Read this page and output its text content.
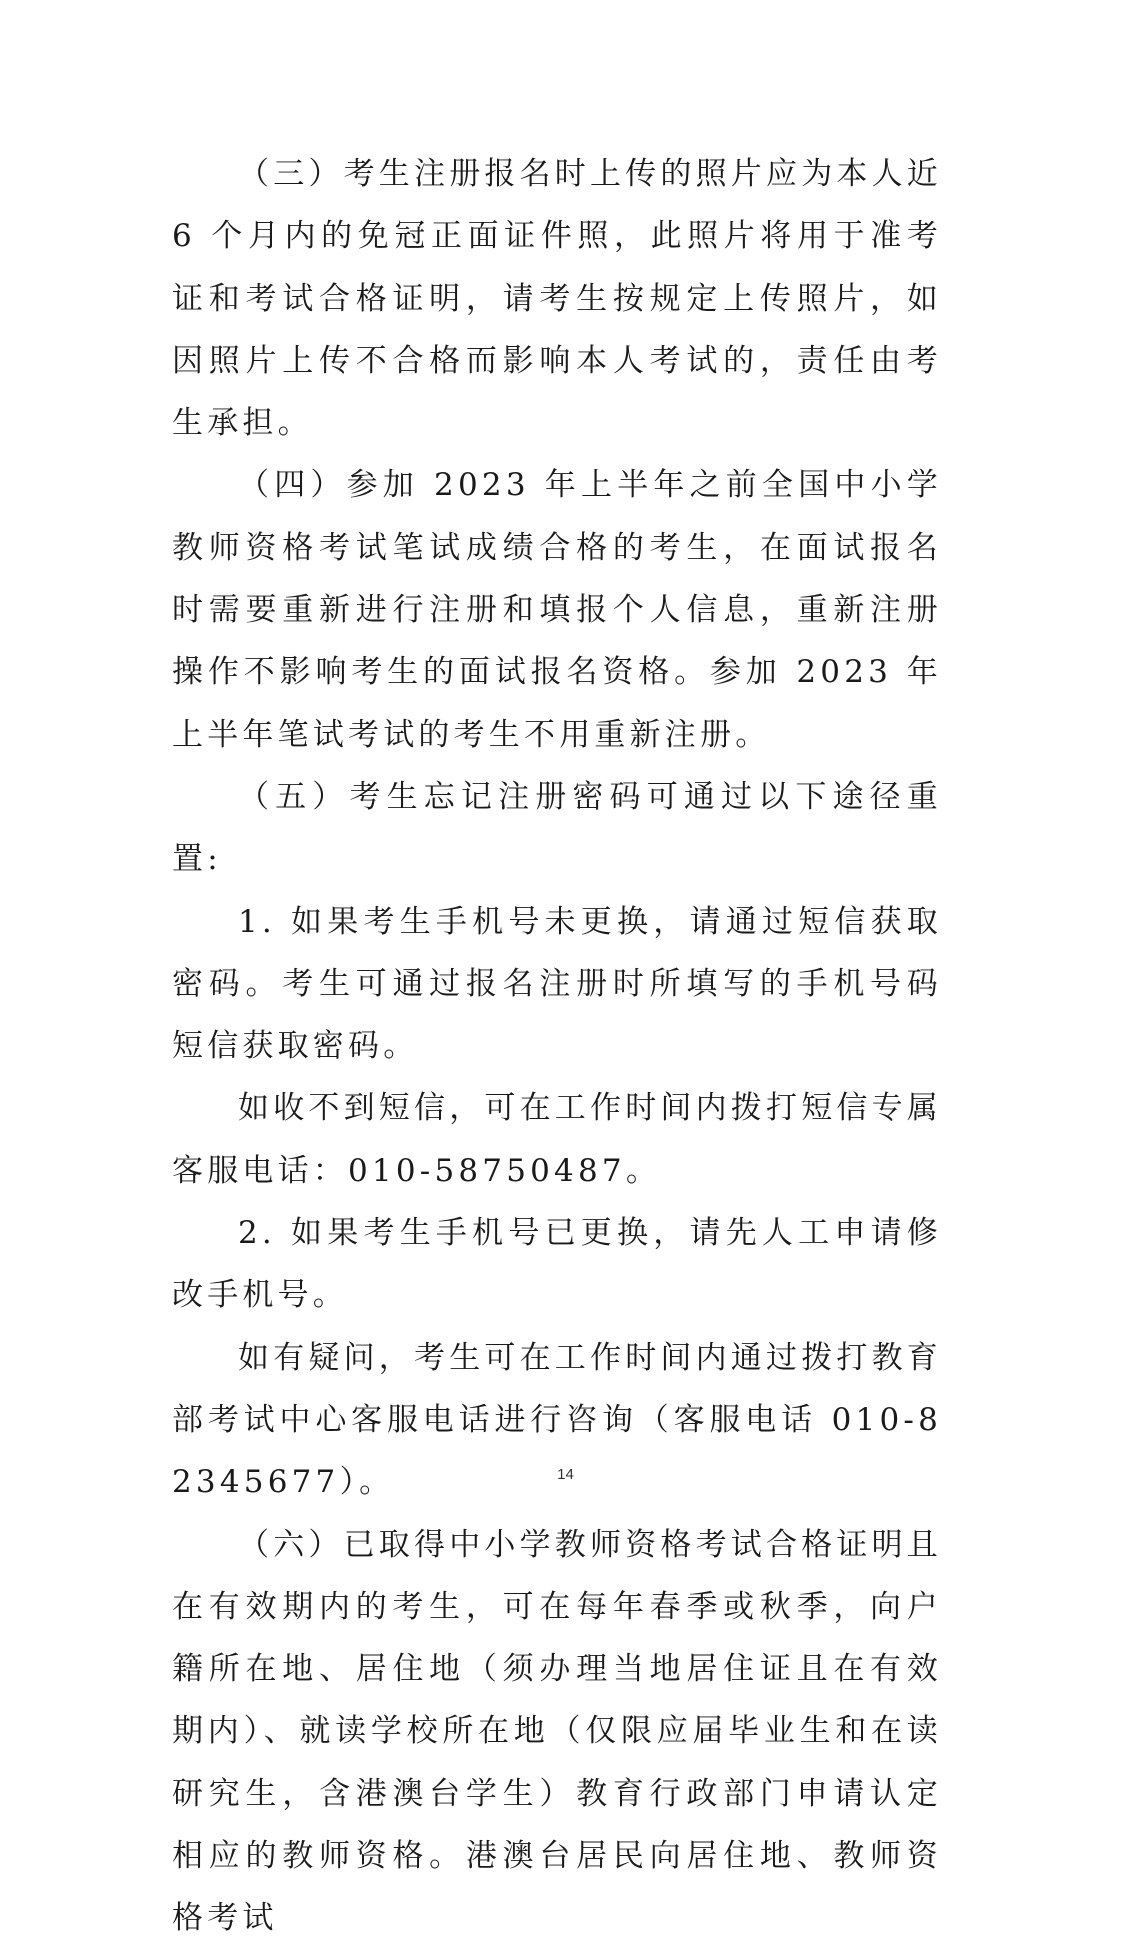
（三）考生注册报名时上传的照片应为本人近 6 个月内的免冠正面证件照，此照片将用于准考证和考试合格证明，请考生按规定上传照片，如因照片上传不合格而影响本人考试的，责任由考生承担。

（四）参加 2023 年上半年之前全国中小学教师资格考试笔试成绩合格的考生，在面试报名时需要重新进行注册和填报个人信息，重新注册操作不影响考生的面试报名资格。参加 2023 年上半年笔试考试的考生不用重新注册。

（五）考生忘记注册密码可通过以下途径重置:

1. 如果考生手机号未更换，请通过短信获取密码。考生可通过报名注册时所填写的手机号码短信获取密码。

如收不到短信，可在工作时间内拨打短信专属客服电话：010-58750487。

2. 如果考生手机号已更换，请先人工申请修改手机号。

如有疑问，考生可在工作时间内通过拨打教育部考试中心客服电话进行咨询（客服电话 010-82345677）。

（六）已取得中小学教师资格考试合格证明且在有效期内的考生，可在每年春季或秋季，向户籍所在地、居住地（须办理当地居住证且在有效期内）、就读学校所在地（仅限应届毕业生和在读研究生，含港澳台学生）教育行政部门申请认定相应的教师资格。港澳台居民向居住地、教师资格考试

14
